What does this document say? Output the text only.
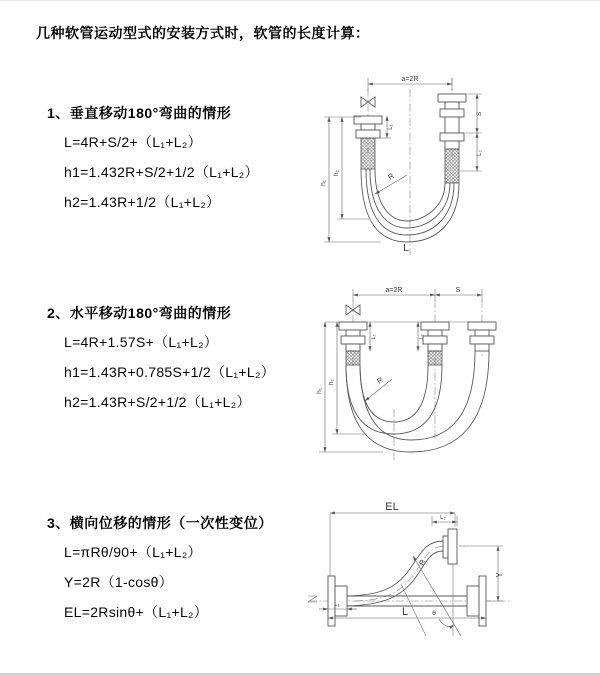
几种软管运动型式的安装方式时，软管的长度计算：
1、垂直移动180°弯曲的情形
L=4R+S/2+（L₁+L₂）
h1=1.432R+S/2+1/2（L₁+L₂）
h2=1.43R+1/2（L₁+L₂）
2、水平移动180°弯曲的情形
L=4R+1.57S+（L₁+L₂）
h1=1.43R+0.785S+1/2（L₁+L₂）
h2=1.43R+S/2+1/2（L₁+L₂）
3、横向位移的情形（一次性变位）
L=πRθ/90+（L₁+L₂）
Y=2R（1-cosθ）
EL=2Rsinθ+（L₁+L₂）
a=2R
h₁
h₂
L₁
S
L₂
R
L
a=2R	S
h₁
h₂
L₁	L₂
R
EL
L₂
R
θ
Y
L₁
L
